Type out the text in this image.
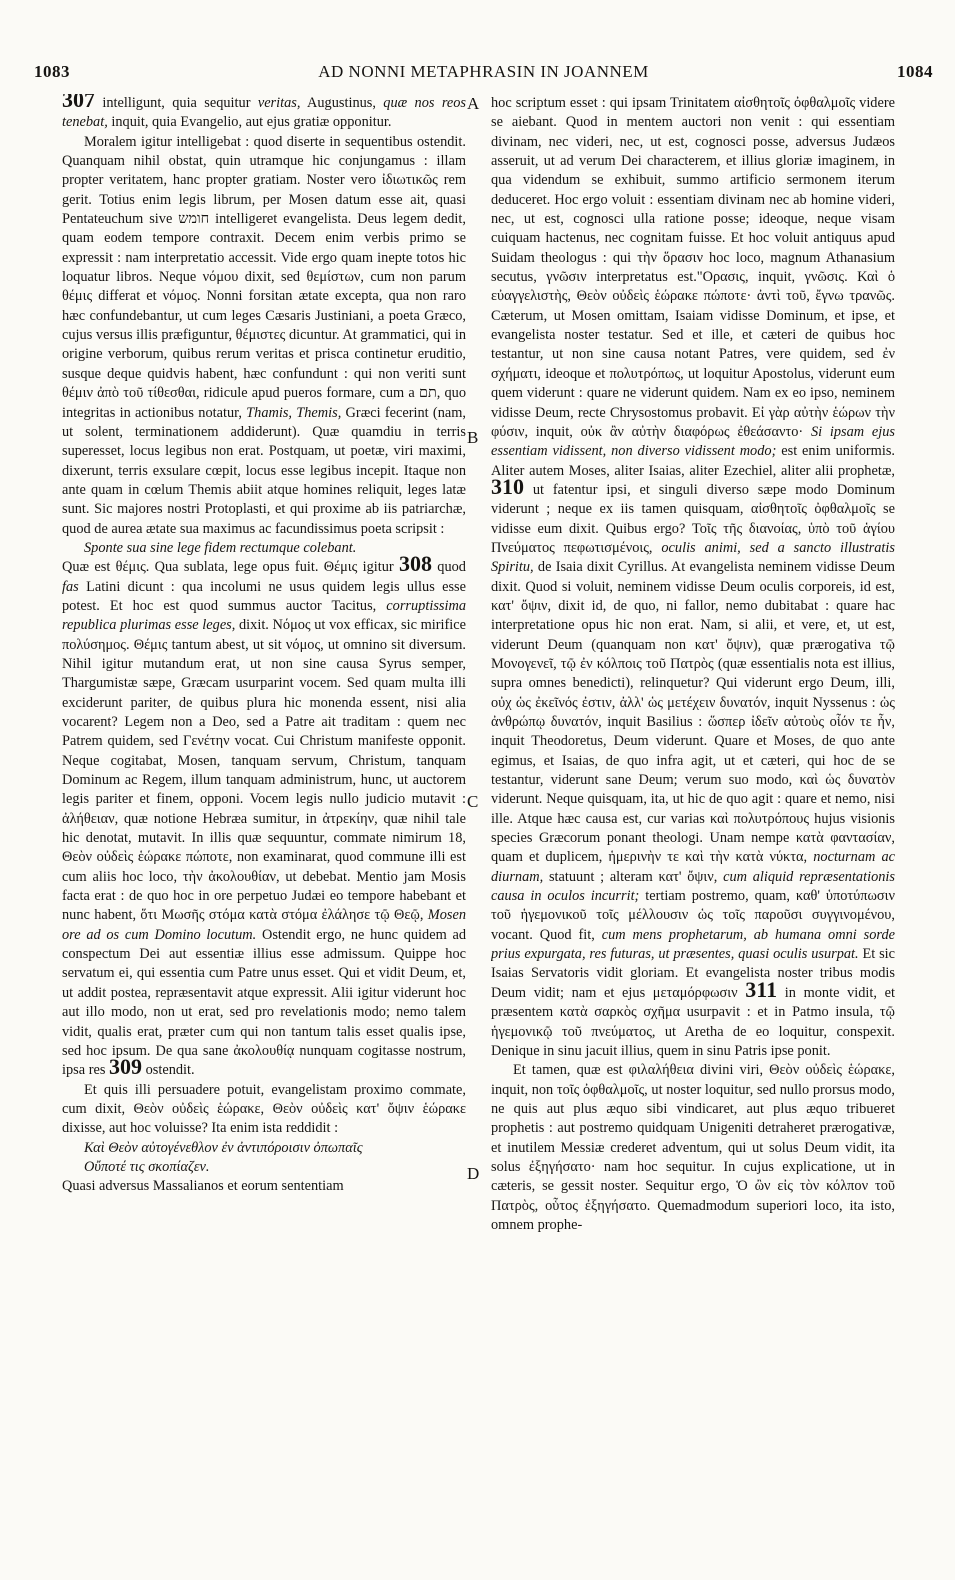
1083	AD NONNI METAPHRASIN IN JOANNEM	1084
A
B
C
D

307 intelligunt, quia sequitur veritas, Augustinus, quæ nos reos tenebat, inquit, quia Evangelio, aut ejus gratiæ opponitur.

Moralem igitur intelligebat : quod diserte in sequentibus ostendit. Quanquam nihil obstat, quin utramque hic conjungamus : illam propter veritatem, hanc propter gratiam. Noster vero ἰδιωτικῶς rem gerit. Totius enim legis librum, per Mosen datum esse ait, quasi Pentateuchum sive חומש intelligeret evangelista. Deus legem dedit, quam eodem tempore contraxit. Decem enim verbis primo se expressit : nam interpretatio accessit. Vide ergo quam inepte totos hic loquatur libros. Neque νόμου dixit, sed θεμίστων, cum non parum θέμις differat et νόμος. Nonni forsitan ætate excepta, qua non raro hæc confundebantur, ut cum leges Cæsaris Justiniani, a poeta Græco, cujus versus illis præfiguntur, θέμιστες dicuntur. At grammatici, qui in origine verborum, quibus rerum veritas et prisca continetur eruditio, susque deque quidvis habent, hæc confundunt : qui non veriti sunt θέμιν ἀπὸ τοῦ τίθεσθαι, ridicule apud pueros formare, cum a תם, quo integritas in actionibus notatur, Thamis, Themis, Græci fecerint (nam, ut solent, terminationem addiderunt). Quæ quamdiu in terris superesset, locus legibus non erat. Postquam, ut poetæ, viri maximi, dixerunt, terris exsulare cœpit, locus esse legibus incepit. Itaque non ante quam in cœlum Themis abiit atque homines reliquit, leges latæ sunt. Sic majores nostri Protoplasti, et qui proxime ab iis patriarchæ, quod de aurea ætate sua maximus ac facundissimus poeta scripsit :

Sponte sua sine lege fidem rectumque colebant.

Quæ est θέμις. Qua sublata, lege opus fuit. Θέμις igitur 308 quod fas Latini dicunt : qua incolumi ne usus quidem legis ullus esse potest. Et hoc est quod summus auctor Tacitus, corruptissima republica plurimas esse leges, dixit. Νόμος ut vox efficax, sic mirifice πολύσημος. Θέμις tantum abest, ut sit νόμος, ut omnino sit diversum. Nihil igitur mutandum erat, ut non sine causa Syrus semper, Thargumistæ sæpe, Græcam usurparint vocem. Sed quam multa illi exciderunt pariter, de quibus plura hic monenda essent, nisi alia vocarent? Legem non a Deo, sed a Patre ait traditam : quem nec Patrem quidem, sed Γενέτην vocat. Cui Christum manifeste opponit. Neque cogitabat, Mosen, tanquam servum, Christum, tanquam Dominum ac Regem, illum tanquam administrum, hunc, ut auctorem legis pariter et finem, opponi. Vocem legis nullo judicio mutavit : ἀλήθειαν, quæ notione Hebræa sumitur, in ἀτρεκίην, quæ nihil tale hic denotat, mutavit. In illis quæ sequuntur, commate nimirum 18, Θεὸν οὐδεὶς ἑώρακε πώποτε, non examinarat, quod commune illi est cum aliis hoc loco, τὴν ἀκολουθίαν, ut debebat. Mentio jam Mosis facta erat : de quo hoc in ore perpetuo Judæi eo tempore habebant et nunc habent, ὅτι Μωσῆς στόμα κατὰ στόμα ἐλάλησε τῷ Θεῷ, Mosen ore ad os cum Domino locutum. Ostendit ergo, ne hunc quidem ad conspectum Dei aut essentiæ illius esse admissum. Quippe hoc servatum ei, qui essentia cum Patre unus esset. Qui et vidit Deum, et, ut addit postea, repræsentavit atque expressit. Alii igitur viderunt hoc aut illo modo, non ut erat, sed pro revelationis modo; nemo talem vidit, qualis erat, præter cum qui non tantum talis esset qualis ipse, sed hoc ipsum. De qua sane ἀκολουθίᾳ nunquam cogitasse nostrum, ipsa res 309 ostendit.

Et quis illi persuadere potuit, evangelistam proximo commate, cum dixit, Θεὸν οὐδεὶς ἑώρακε, Θεὸν οὐδεὶς κατ' ὄψιν ἑώρακε dixisse, aut hoc voluisse? Ita enim ista reddidit :

Καὶ Θεὸν αὐτογένεθλον ἐν ἀντιπόροισιν ὀπωπαῖς

Οὔποτέ τις σκοπίαζεν.

Quasi adversus Massalianos et eorum sententiam

hoc scriptum esset : qui ipsam Trinitatem αἰσθητοῖς ὀφθαλμοῖς videre se aiebant. Quod in mentem auctori non venit : qui essentiam divinam, nec videri, nec, ut est, cognosci posse, adversus Judæos asseruit, ut ad verum Dei characterem, et illius gloriæ imaginem, in qua videndum se exhibuit, summo artificio sermonem iterum deduceret. Hoc ergo voluit : essentiam divinam nec ab homine videri, nec, ut est, cognosci ulla ratione posse; ideoque, neque visam cuiquam hactenus, nec cognitam fuisse. Et hoc voluit antiquus apud Suidam theologus : qui τὴν ὅρασιν hoc loco, magnum Athanasium secutus, γνῶσιν interpretatus est."Ορασις, inquit, γνῶσις. Καὶ ὁ εὐαγγελιστὴς, Θεὸν οὐδεὶς ἑώρακε πώποτε· ἀντὶ τοῦ, ἔγνω τρανῶς. Cæterum, ut Mosen omittam, Isaiam vidisse Dominum, et ipse, et evangelista noster testatur. Sed et ille, et cæteri de quibus hoc testantur, ut non sine causa notant Patres, vere quidem, sed ἐν σχήματι, ideoque et πολυτρόπως, ut loquitur Apostolus, viderunt eum quem viderunt : quare ne viderunt quidem. Nam ex eo ipso, neminem vidisse Deum, recte Chrysostomus probavit. Εἰ γὰρ αὐτὴν ἑώρων τὴν φύσιν, inquit, οὐκ ἂν αὐτὴν διαφόρως ἐθεάσαντο· Si ipsam ejus essentiam vidissent, non diverso vidissent modo; est enim uniformis. Aliter autem Moses, aliter Isaias, aliter Ezechiel, aliter alii prophetæ, 310 ut fatentur ipsi, et singuli diverso sæpe modo Dominum viderunt ; neque ex iis tamen quisquam, αἰσθητοῖς ὀφθαλμοῖς se vidisse eum dixit. Quibus ergo? Τοῖς τῆς διανοίας, ὑπὸ τοῦ ἁγίου Πνεύματος πεφωτισμένοις, oculis animi, sed a sancto illustratis Spiritu, de Isaia dixit Cyrillus. At evangelista neminem vidisse Deum dixit. Quod si voluit, neminem vidisse Deum oculis corporeis, id est, κατ' ὄψιν, dixit id, de quo, ni fallor, nemo dubitabat : quare hac interpretatione opus hic non erat. Nam, si alii, et vere, et, ut est, viderunt Deum (quanquam non κατ' ὄψιν), quæ prærogativa τῷ Μονογενεῖ, τῷ ἐν κόλποις τοῦ Πατρὸς (quæ essentialis nota est illius, supra omnes benedicti), relinquetur? Qui viderunt ergo Deum, illi, οὐχ ὡς ἐκεῖνός ἐστιν, ἀλλ' ὡς μετέχειν δυνατόν, inquit Nyssenus : ὡς ἀνθρώπῳ δυνατόν, inquit Basilius : ὥσπερ ἰδεῖν αὐτοὺς οἷόν τε ἦν, inquit Theodoretus, Deum viderunt. Quare et Moses, de quo ante egimus, et Isaias, de quo infra agit, ut et cæteri, qui hoc de se testantur, viderunt sane Deum; verum suo modo, καὶ ὡς δυνατὸν viderunt. Neque quisquam, ita, ut hic de quo agit : quare et nemo, nisi ille. Atque hæc causa est, cur varias καὶ πολυτρόπους hujus visionis species Græcorum ponant theologi. Unam nempe κατὰ φαντασίαν, quam et duplicem, ἡμερινὴν τε καὶ τὴν κατὰ νύκτα, nocturnam ac diurnam, statuunt ; alteram κατ' ὄψιν, cum aliquid repræsentationis causa in oculos incurrit; tertiam postremo, quam, καθ' ὑποτύπωσιν τοῦ ἡγεμονικοῦ τοῖς μέλλουσιν ὡς τοῖς παροῦσι συγγινομένου, vocant. Quod fit, cum mens prophetarum, ab humana omni sorde prius expurgata, res futuras, ut præsentes, quasi oculis usurpat. Et sic Isaias Servatoris vidit gloriam. Et evangelista noster tribus modis Deum vidit; nam et ejus μεταμόρφωσιν 311 in monte vidit, et præsentem κατὰ σαρκὸς σχῆμα usurpavit : et in Patmo insula, τῷ ἡγεμονικῷ τοῦ πνεύματος, ut Aretha de eo loquitur, conspexit. Denique in sinu jacuit illius, quem in sinu Patris ipse ponit.

Et tamen, quæ est φιλαλήθεια divini viri, Θεὸν οὐδεὶς ἑώρακε, inquit, non τοῖς ὀφθαλμοῖς, ut noster loquitur, sed nullo prorsus modo, ne quis aut plus æquo sibi vindicaret, aut plus æquo tribueret prophetis : aut postremo quidquam Unigeniti detraheret prærogativæ, et inutilem Messiæ crederet adventum, qui ut solus Deum vidit, ita solus ἐξηγήσατο· nam hoc sequitur. In cujus explicatione, ut in cæteris, se gessit noster. Sequitur ergo, Ὁ ὢν εἰς τὸν κόλπον τοῦ Πατρὸς, οὗτος ἐξηγήσατο. Quemadmodum superiori loco, ita isto, omnem prophe-
